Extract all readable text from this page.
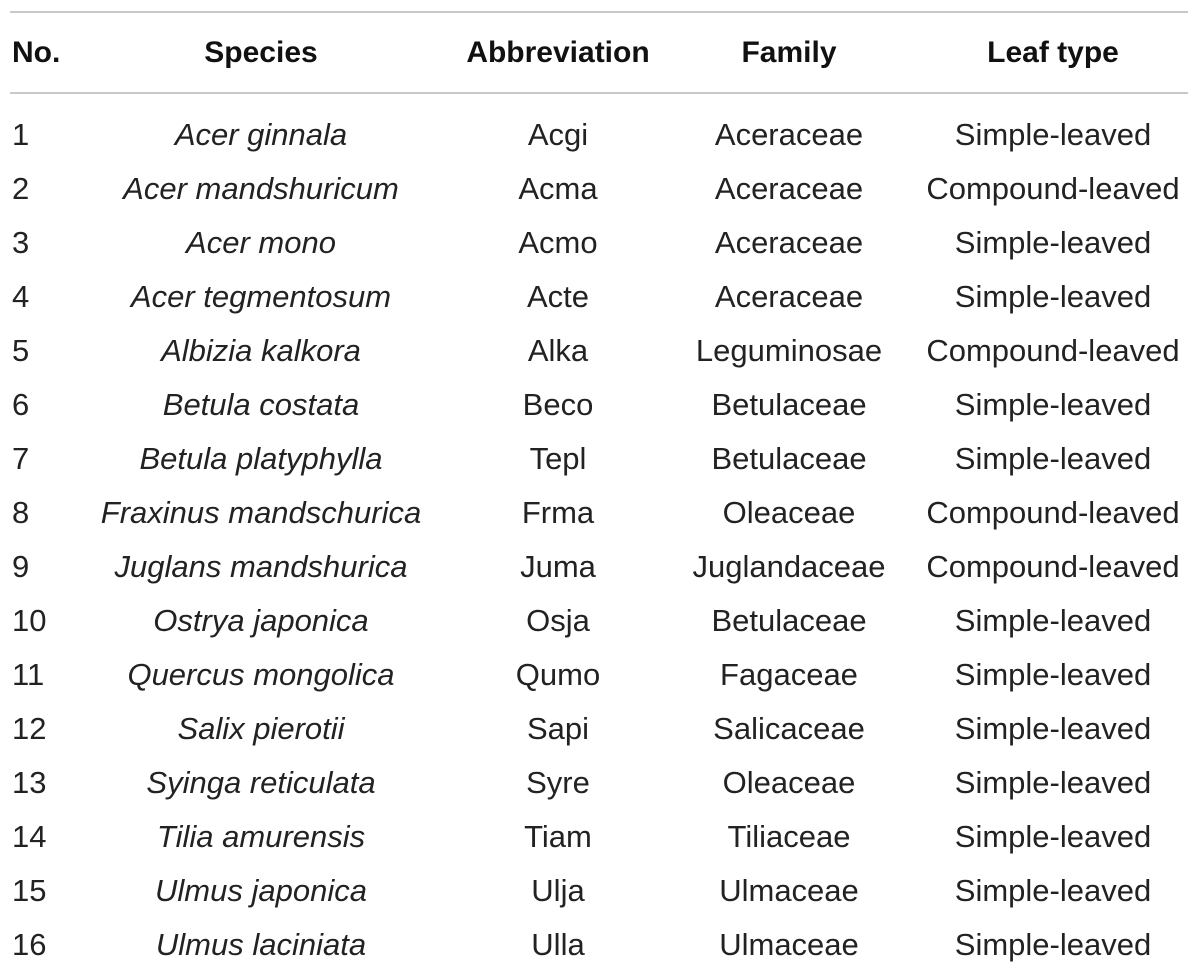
No.	Species	Abbreviation	Family	Leaf type
1	Acer ginnala	Acgi	Aceraceae	Simple-leaved
2	Acer mandshuricum	Acma	Aceraceae	Compound-leaved
3	Acer mono	Acmo	Aceraceae	Simple-leaved
4	Acer tegmentosum	Acte	Aceraceae	Simple-leaved
5	Albizia kalkora	Alka	Leguminosae	Compound-leaved
6	Betula costata	Beco	Betulaceae	Simple-leaved
7	Betula platyphylla	Tepl	Betulaceae	Simple-leaved
8	Fraxinus mandschurica	Frma	Oleaceae	Compound-leaved
9	Juglans mandshurica	Juma	Juglandaceae	Compound-leaved
10	Ostrya japonica	Osja	Betulaceae	Simple-leaved
11	Quercus mongolica	Qumo	Fagaceae	Simple-leaved
12	Salix pierotii	Sapi	Salicaceae	Simple-leaved
13	Syinga reticulata	Syre	Oleaceae	Simple-leaved
14	Tilia amurensis	Tiam	Tiliaceae	Simple-leaved
15	Ulmus japonica	Ulja	Ulmaceae	Simple-leaved
16	Ulmus laciniata	Ulla	Ulmaceae	Simple-leaved
